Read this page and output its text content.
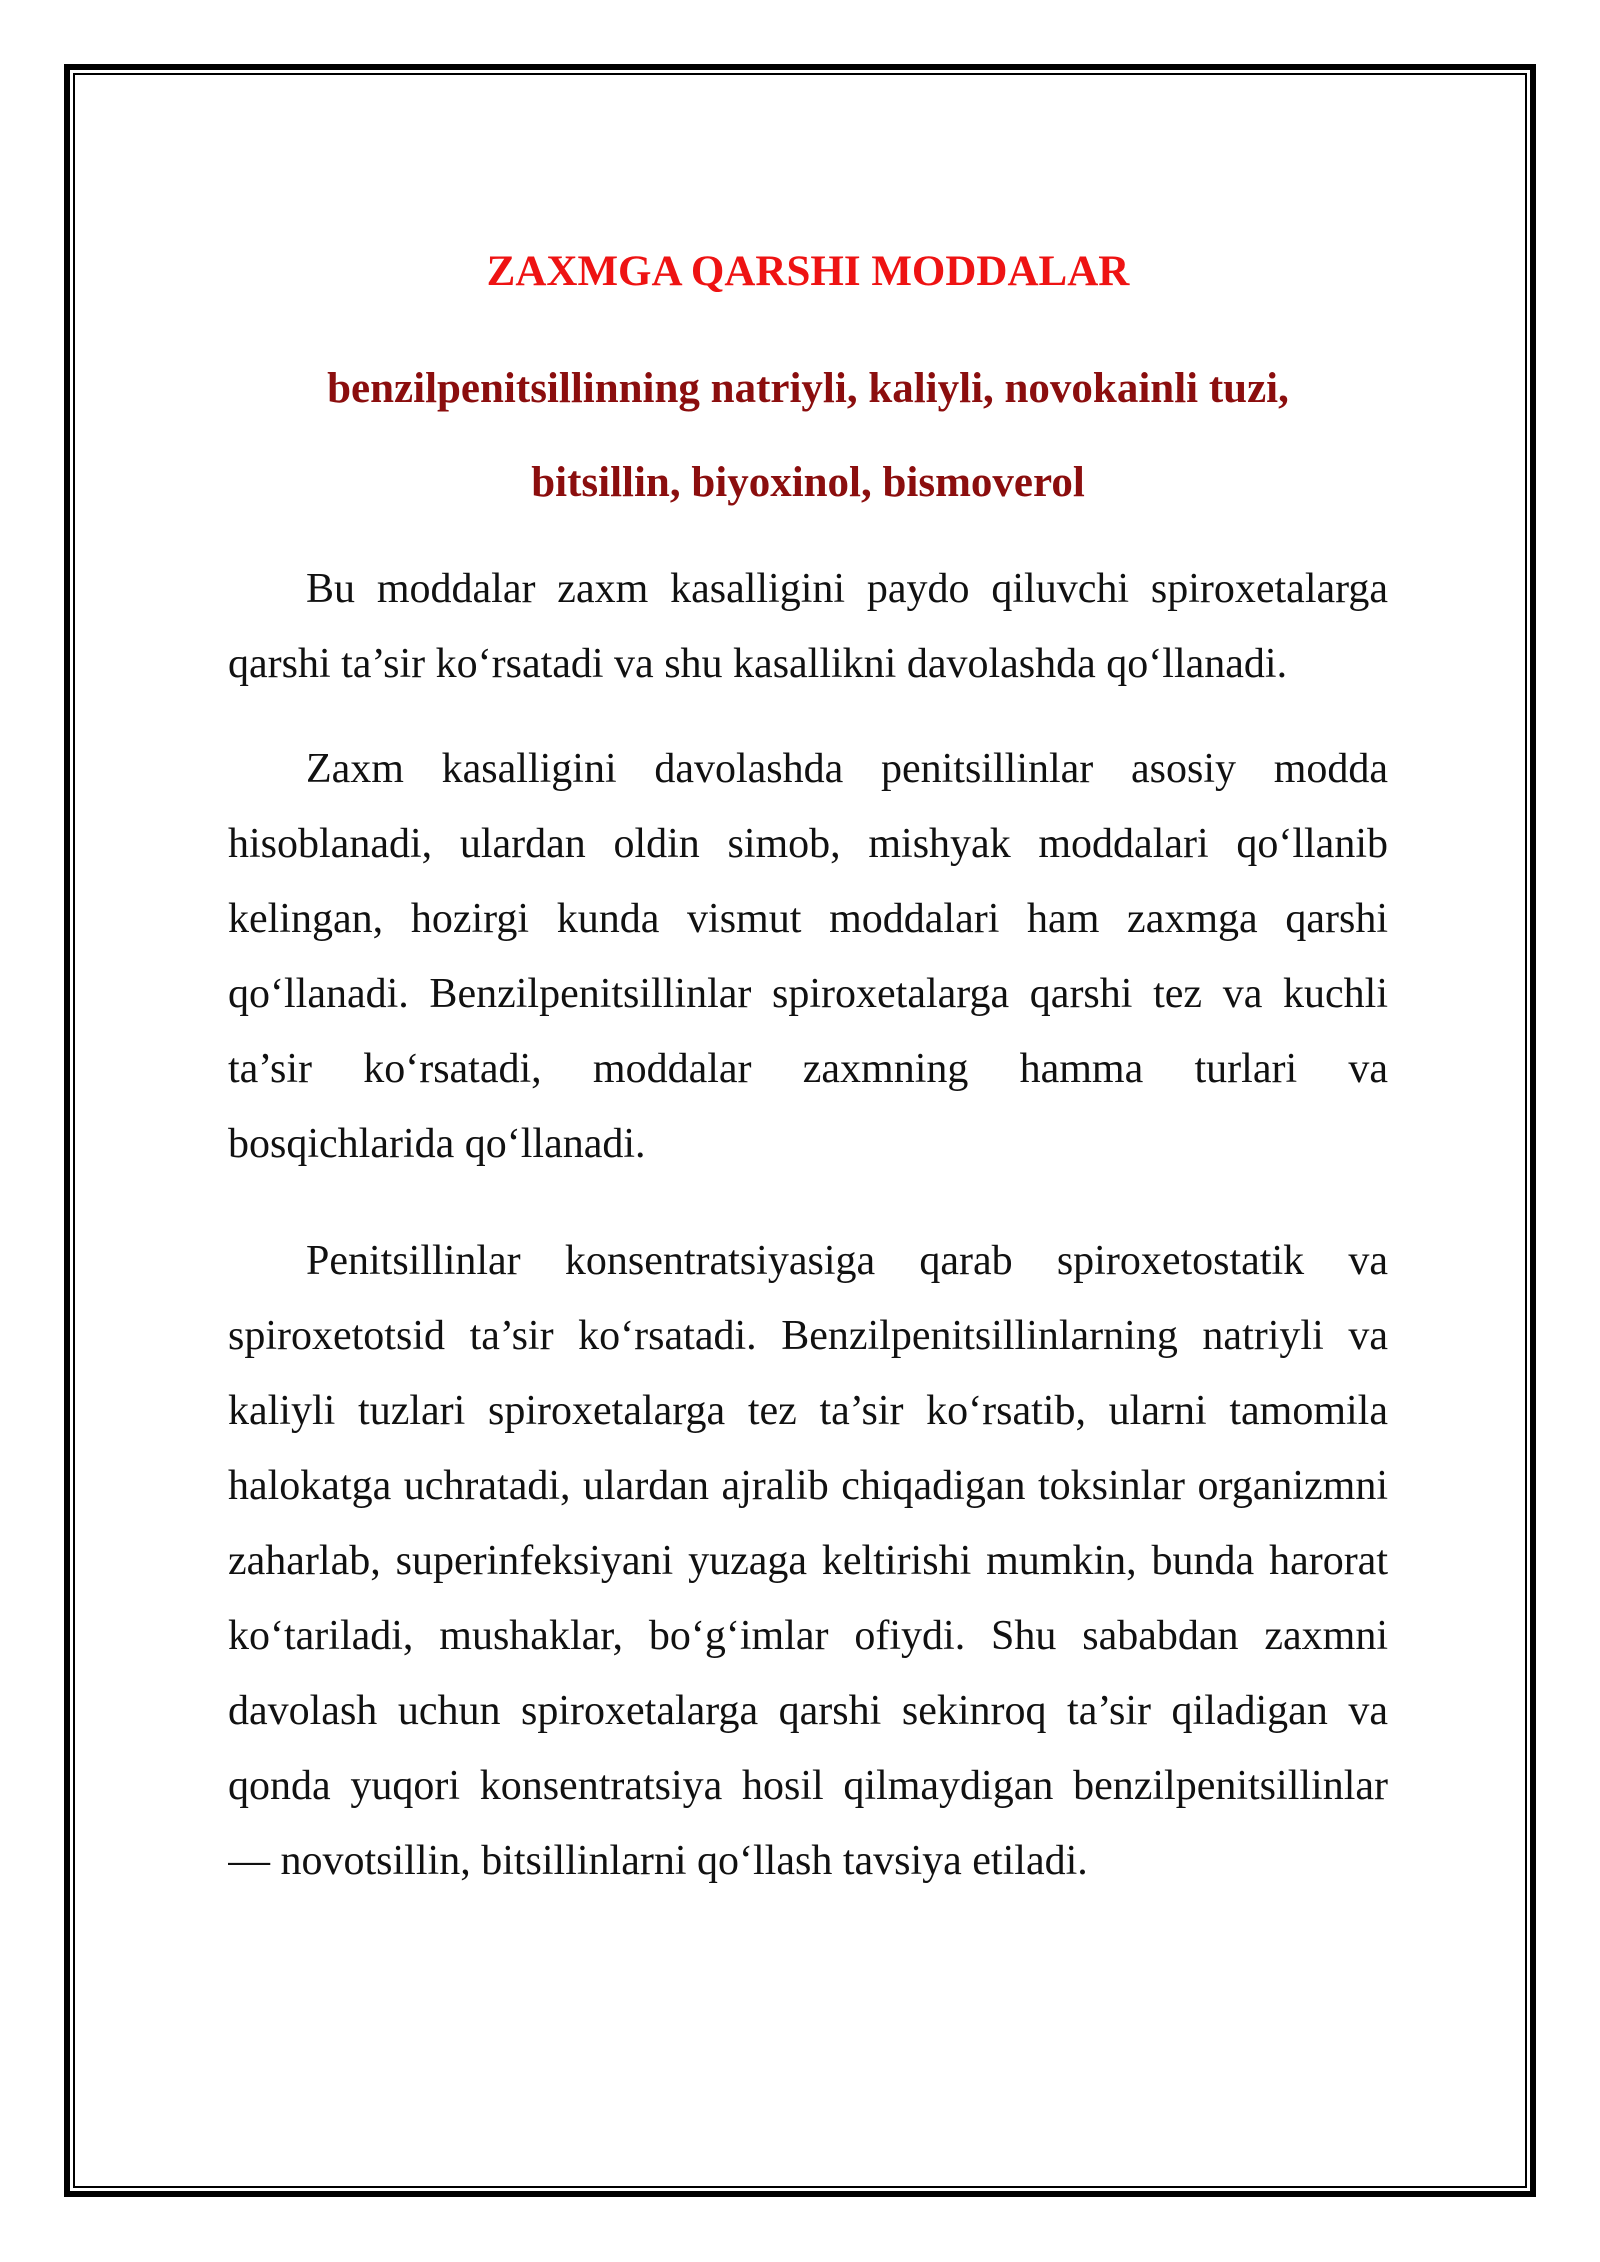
ZAXMGA QARSHI MODDALAR
benzilpenitsillinning natriyli, kaliyli, novokainli tuzi,
bitsillin, biyoxinol, bismoverol
Bu moddalar zaxm kasalligini paydo qiluvchi spiroxetalarga
qarshi ta’sir ko‘rsatadi va shu kasallikni davolashda qo‘llanadi.
Zaxm kasalligini davolashda penitsillinlar asosiy modda
hisoblanadi, ulardan oldin simob, mishyak moddalari qo‘llanib
kelingan, hozirgi kunda vismut moddalari ham zaxmga qarshi
qo‘llanadi. Benzilpenitsillinlar spiroxetalarga qarshi tez va kuchli
ta’sir ko‘rsatadi, moddalar zaxmning hamma turlari va
bosqichlarida qo‘llanadi.
Penitsillinlar konsentratsiyasiga qarab spiroxetostatik va
spiroxetotsid ta’sir ko‘rsatadi. Benzilpenitsillinlarning natriyli va
kaliyli tuzlari spiroxetalarga tez ta’sir ko‘rsatib, ularni tamomila
halokatga uchratadi, ulardan ajralib chiqadigan toksinlar organizmni
zaharlab, superinfeksiyani yuzaga keltirishi mumkin, bunda harorat
ko‘tariladi, mushaklar, bo‘g‘imlar ofiydi. Shu sababdan zaxmni
davolash uchun spiroxetalarga qarshi sekinroq ta’sir qiladigan va
qonda yuqori konsentratsiya hosil qilmaydigan benzilpenitsillinlar
— novotsillin, bitsillinlarni qo‘llash tavsiya etiladi.
